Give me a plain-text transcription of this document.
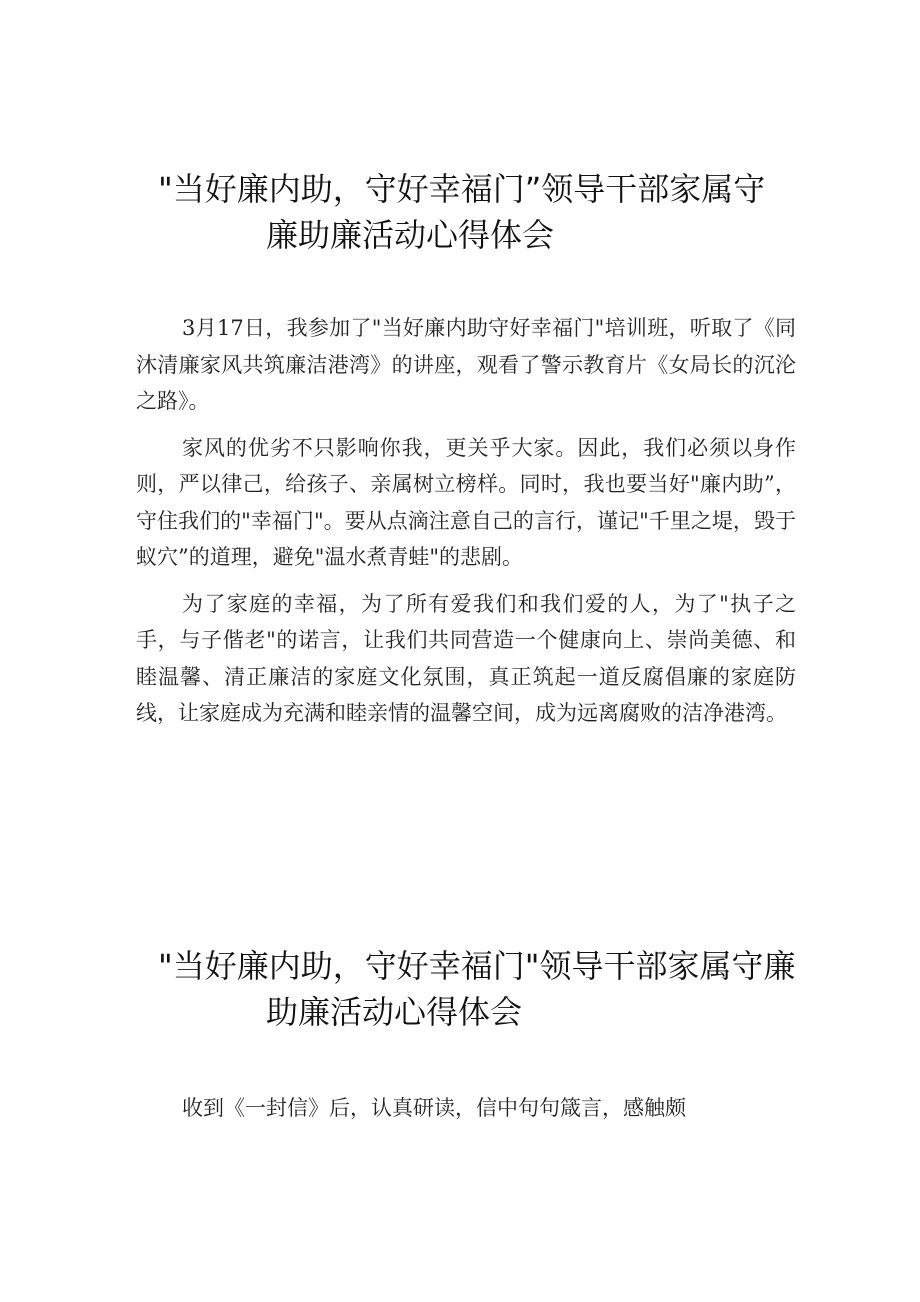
"当好廉内助，守好幸福门”领导干部家属守
廉助廉活动心得体会

3月17日，我参加了"当好廉内助守好幸福门"培训班，听取了《同沐清廉家风共筑廉洁港湾》的讲座，观看了警示教育片《女局长的沉沦之路》。

家风的优劣不只影响你我，更关乎大家。因此，我们必须以身作则，严以律己，给孩子、亲属树立榜样。同时，我也要当好"廉内助”，守住我们的"幸福门"。要从点滴注意自己的言行，谨记"千里之堤，毁于蚁穴”的道理，避免"温水煮青蛙"的悲剧。

为了家庭的幸福，为了所有爱我们和我们爱的人，为了"执子之手，与子偕老"的诺言，让我们共同营造一个健康向上、崇尚美德、和睦温馨、清正廉洁的家庭文化氛围，真正筑起一道反腐倡廉的家庭防线，让家庭成为充满和睦亲情的温馨空间，成为远离腐败的洁净港湾。

"当好廉内助，守好幸福门"领导干部家属守廉
助廉活动心得体会

收到《一封信》后，认真研读，信中句句箴言，感触颇
